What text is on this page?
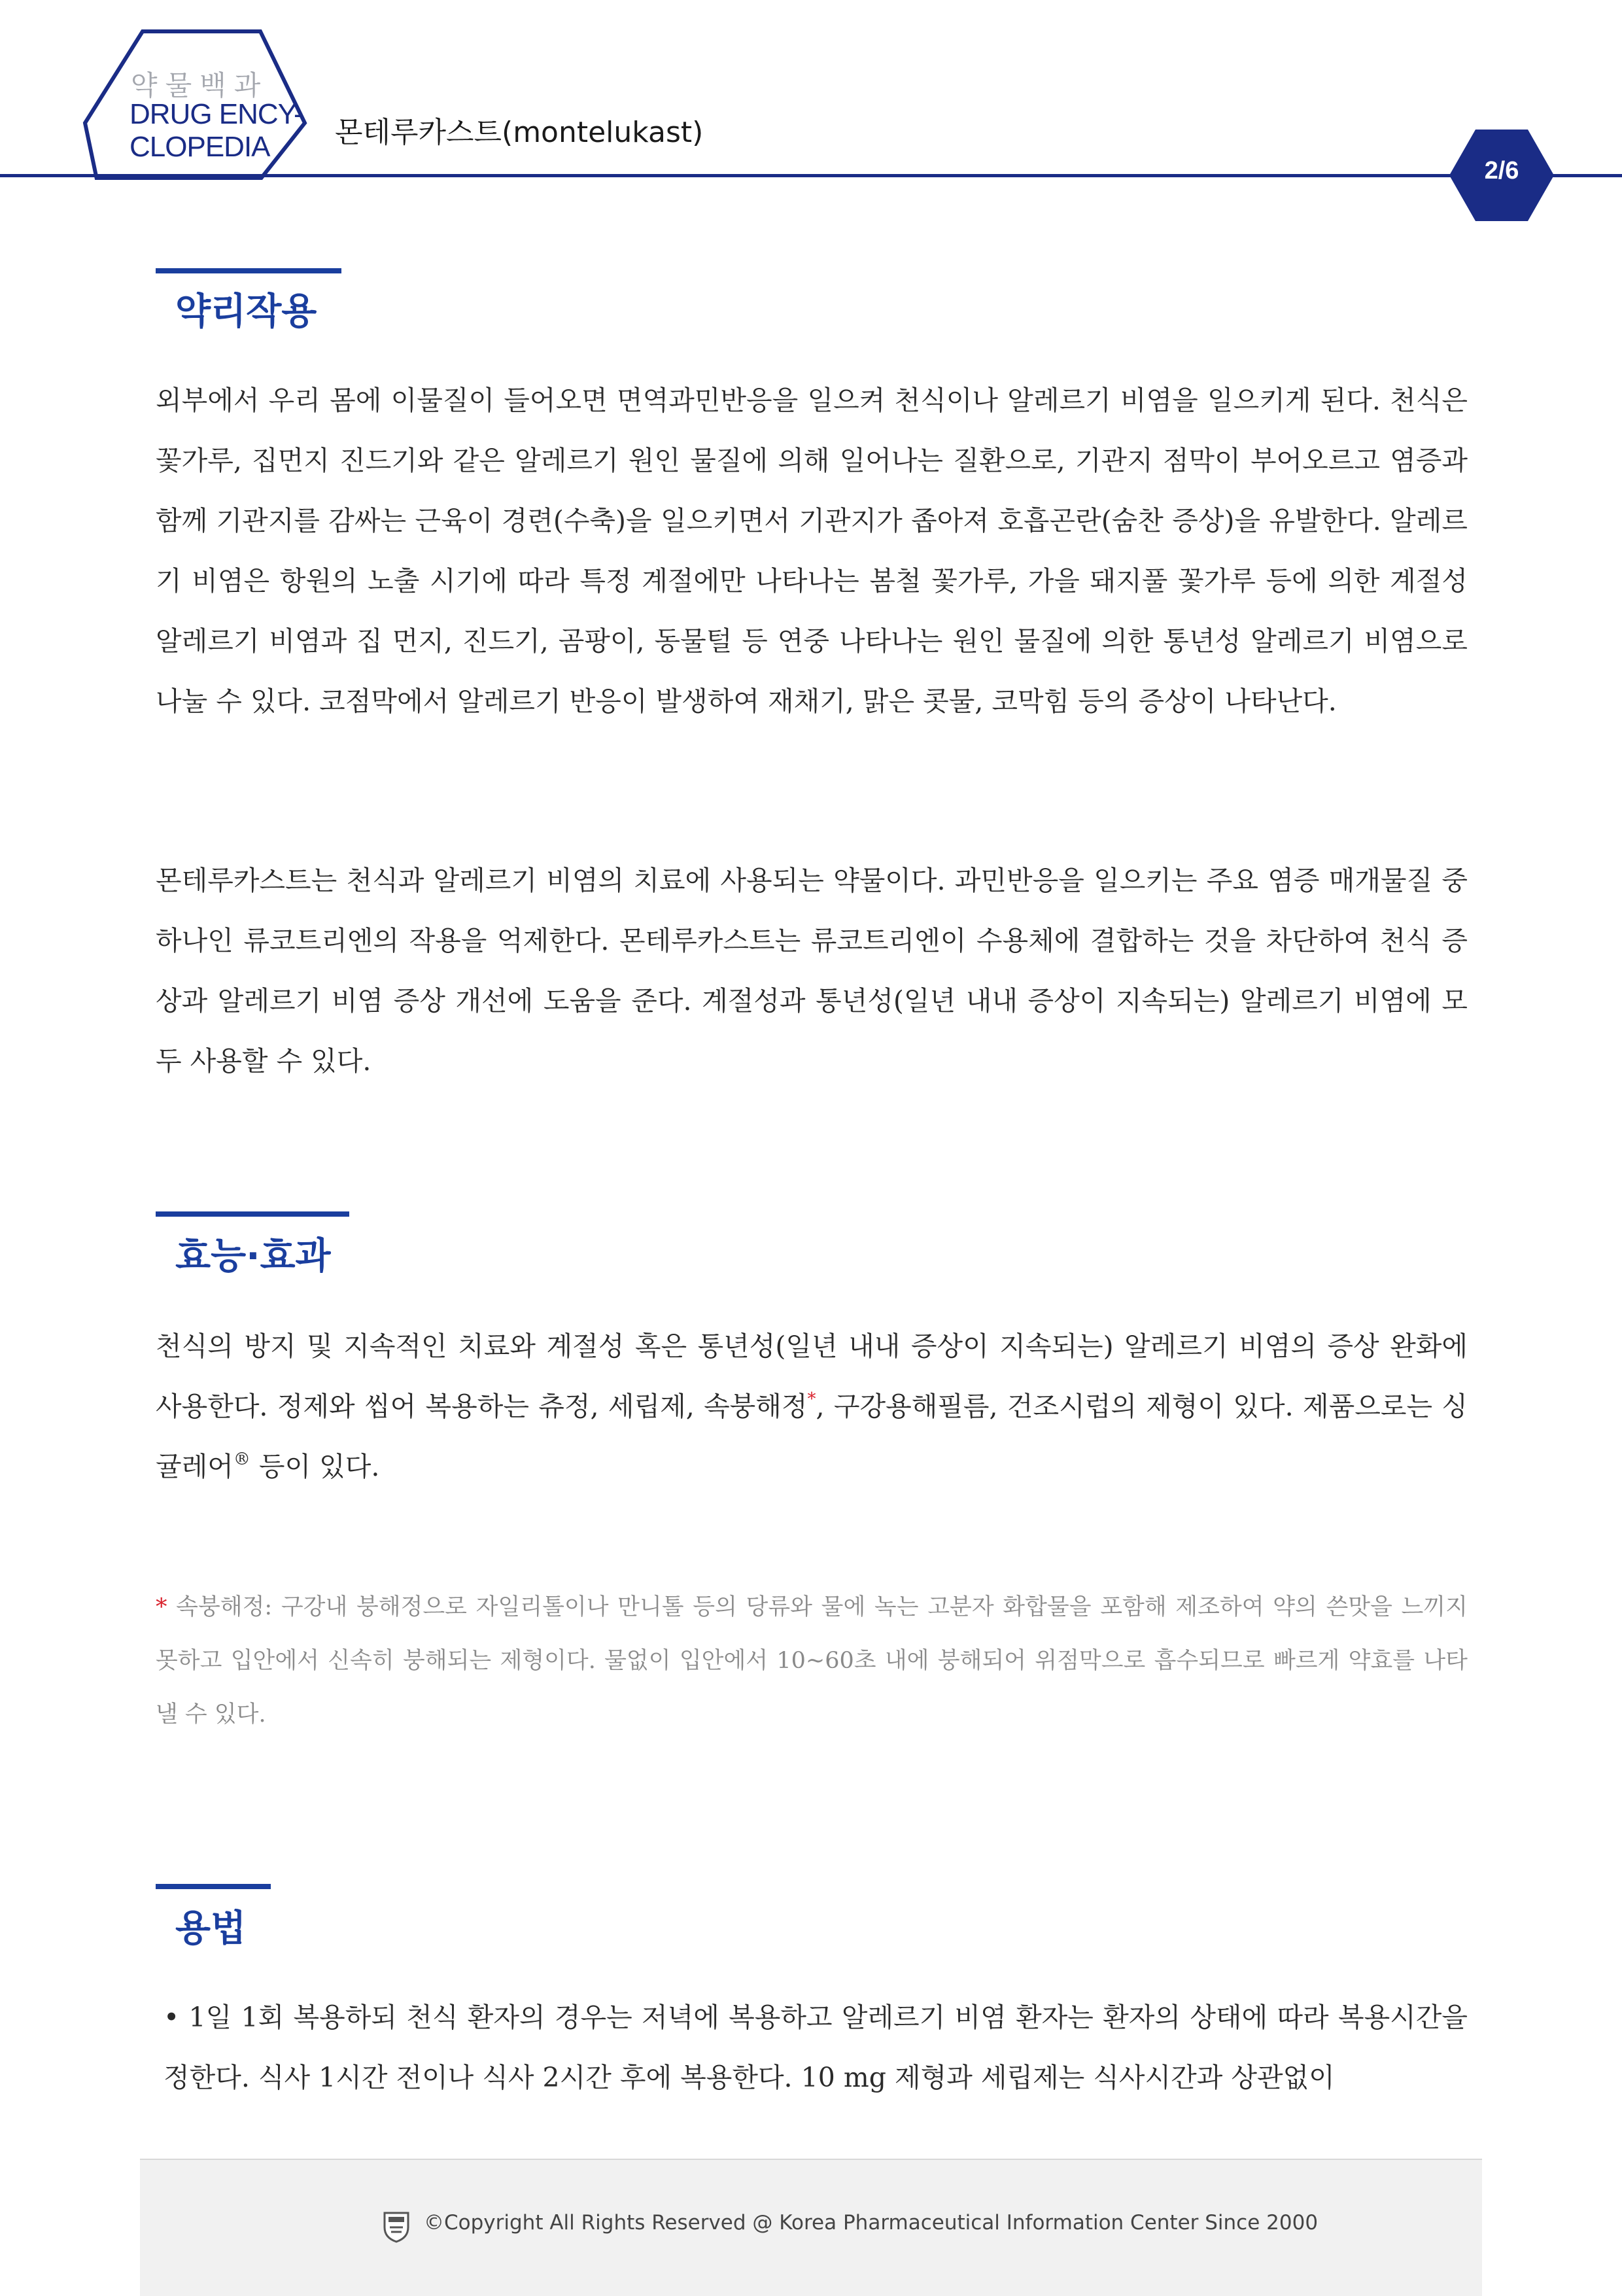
약물백과
DRUG ENCY-
CLOPEDIA	몬테루카스트(montelukast)
2/6
약리작용

외부에서 우리 몸에 이물질이 들어오면 면역과민반응을 일으켜 천식이나 알레르기 비염을 일으키게 된다. 천식은 꽃가루, 집먼지 진드기와 같은 알레르기 원인 물질에 의해 일어나는 질환으로, 기관지 점막이 부어오르고 염증과 함께 기관지를 감싸는 근육이 경련(수축)을 일으키면서 기관지가 좁아져 호흡곤란(숨찬 증상)을 유발한다. 알레르기 비염은 항원의 노출 시기에 따라 특정 계절에만 나타나는 봄철 꽃가루, 가을 돼지풀 꽃가루 등에 의한 계절성 알레르기 비염과 집 먼지, 진드기, 곰팡이, 동물털 등 연중 나타나는 원인 물질에 의한 통년성 알레르기 비염으로 나눌 수 있다. 코점막에서 알레르기 반응이 발생하여 재채기, 맑은 콧물, 코막힘 등의 증상이 나타난다.

몬테루카스트는 천식과 알레르기 비염의 치료에 사용되는 약물이다. 과민반응을 일으키는 주요 염증 매개물질 중 하나인 류코트리엔의 작용을 억제한다. 몬테루카스트는 류코트리엔이 수용체에 결합하는 것을 차단하여 천식 증상과 알레르기 비염 증상 개선에 도움을 준다. 계절성과 통년성(일년 내내 증상이 지속되는) 알레르기 비염에 모두 사용할 수 있다.

효능·효과

천식의 방지 및 지속적인 치료와 계절성 혹은 통년성(일년 내내 증상이 지속되는) 알레르기 비염의 증상 완화에 사용한다. 정제와 씹어 복용하는 츄정, 세립제, 속붕해정*, 구강용해필름, 건조시럽의 제형이 있다. 제품으로는 싱귤레어® 등이 있다.

* 속붕해정: 구강내 붕해정으로 자일리톨이나 만니톨 등의 당류와 물에 녹는 고분자 화합물을 포함해 제조하여 약의 쓴맛을 느끼지 못하고 입안에서 신속히 붕해되는 제형이다. 물없이 입안에서 10~60초 내에 붕해되어 위점막으로 흡수되므로 빠르게 약효를 나타낼 수 있다.

용법

• 1일 1회 복용하되 천식 환자의 경우는 저녁에 복용하고 알레르기 비염 환자는 환자의 상태에 따라 복용시간을 정한다. 식사 1시간 전이나 식사 2시간 후에 복용한다. 10 mg 제형과 세립제는 식사시간과 상관없이

©Copyright All Rights Reserved @ Korea Pharmaceutical Information Center Since 2000
